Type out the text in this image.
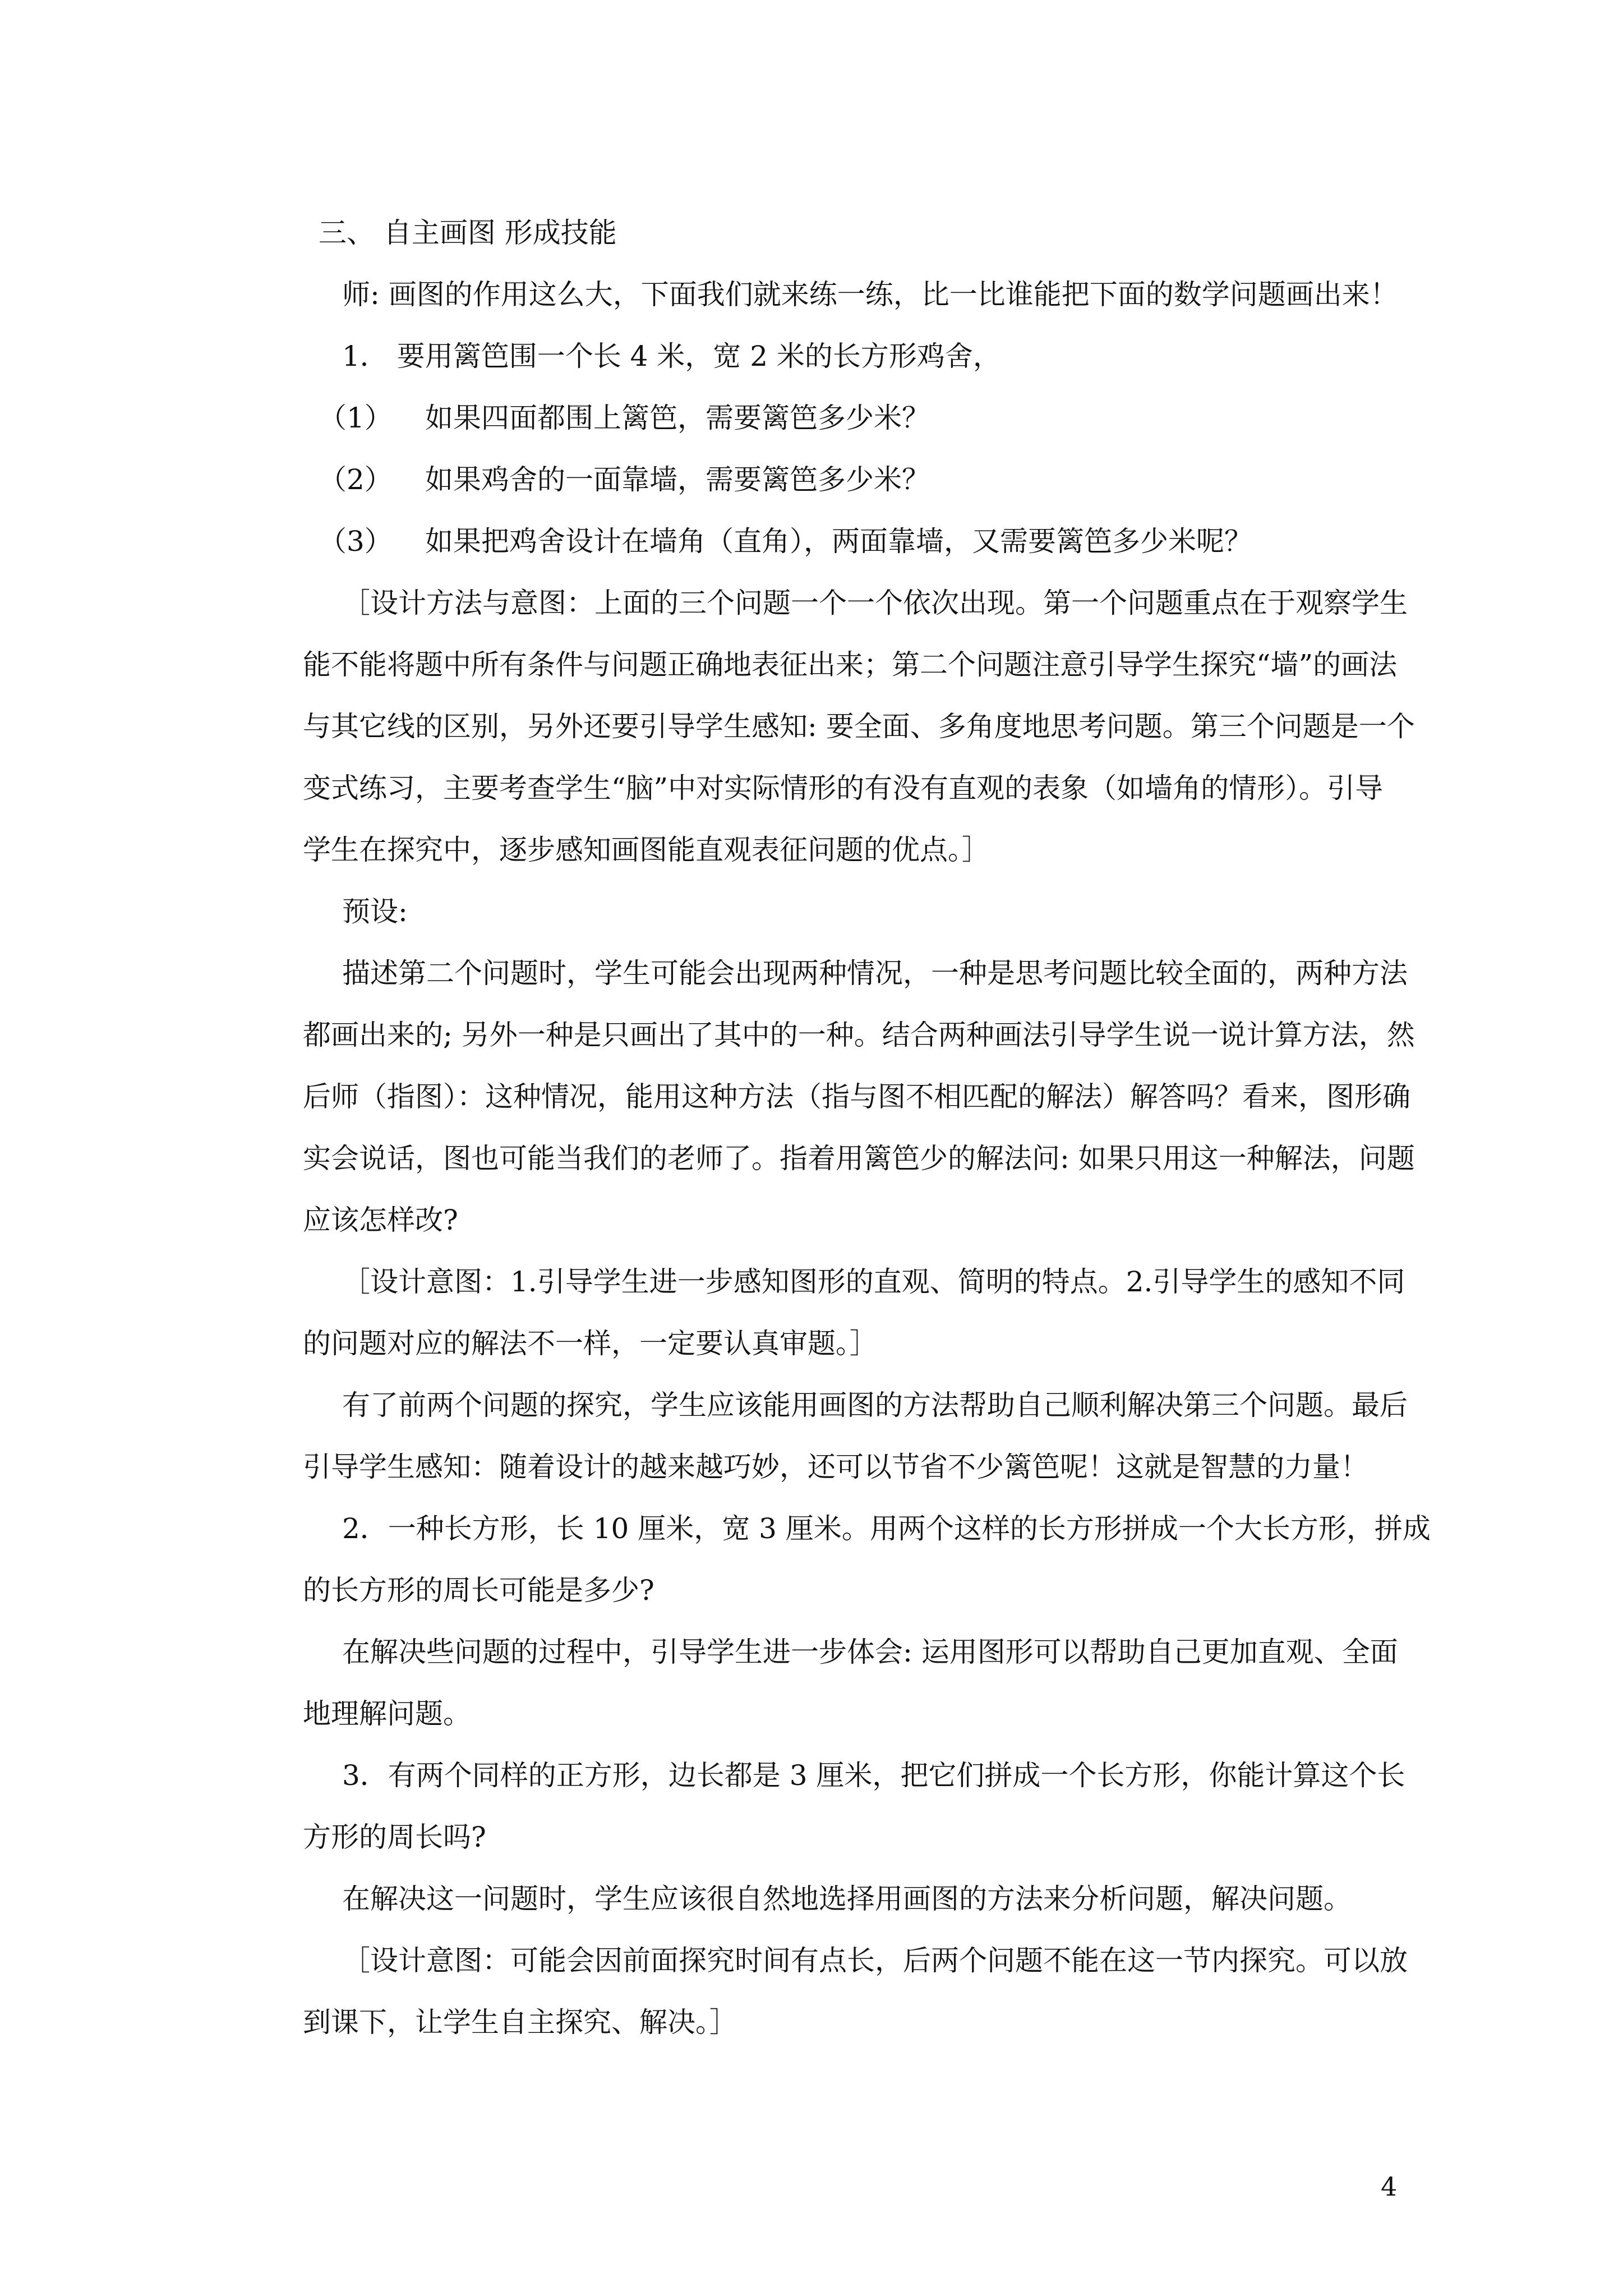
三、 自主画图 形成技能

师: 画图的作用这么大，下面我们就来练一练，比一比谁能把下面的数学问题画出来！

1． 要用篱笆围一个长 4 米，宽 2 米的长方形鸡舍，

（1） 如果四面都围上篱笆，需要篱笆多少米？

（2） 如果鸡舍的一面靠墙，需要篱笆多少米？

（3） 如果把鸡舍设计在墙角（直角），两面靠墙，又需要篱笆多少米呢？

［设计方法与意图：上面的三个问题一个一个依次出现。第一个问题重点在于观察学生

能不能将题中所有条件与问题正确地表征出来；第二个问题注意引导学生探究“墙”的画法

与其它线的区别，另外还要引导学生感知: 要全面、多角度地思考问题。第三个问题是一个

变式练习，主要考查学生“脑”中对实际情形的有没有直观的表象（如墙角的情形）。引导

学生在探究中，逐步感知画图能直观表征问题的优点。］

预设:

描述第二个问题时，学生可能会出现两种情况，一种是思考问题比较全面的，两种方法

都画出来的; 另外一种是只画出了其中的一种。结合两种画法引导学生说一说计算方法，然

后师（指图）：这种情况，能用这种方法（指与图不相匹配的解法）解答吗？看来，图形确

实会说话，图也可能当我们的老师了。指着用篱笆少的解法问: 如果只用这一种解法，问题

应该怎样改?

［设计意图：1.引导学生进一步感知图形的直观、简明的特点。2.引导学生的感知不同

的问题对应的解法不一样，一定要认真审题。］

有了前两个问题的探究，学生应该能用画图的方法帮助自己顺利解决第三个问题。最后

引导学生感知：随着设计的越来越巧妙，还可以节省不少篱笆呢！这就是智慧的力量！

2．一种长方形，长 10 厘米，宽 3 厘米。用两个这样的长方形拼成一个大长方形，拼成

的长方形的周长可能是多少?

在解决些问题的过程中，引导学生进一步体会: 运用图形可以帮助自己更加直观、全面

地理解问题。

3．有两个同样的正方形，边长都是 3 厘米，把它们拼成一个长方形，你能计算这个长

方形的周长吗?

在解决这一问题时，学生应该很自然地选择用画图的方法来分析问题，解决问题。

［设计意图：可能会因前面探究时间有点长，后两个问题不能在这一节内探究。可以放

到课下，让学生自主探究、解决。］

4
